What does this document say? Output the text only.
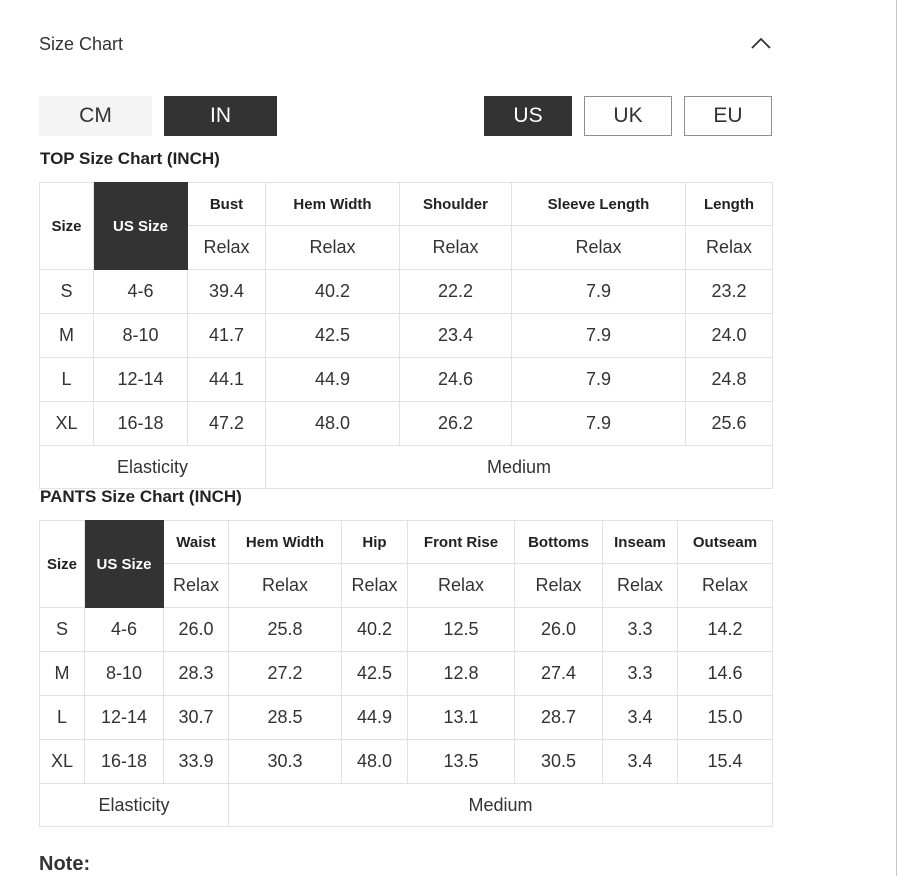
Size Chart
CM	IN	US	UK	EU
TOP Size Chart (INCH)
Size	US Size	Bust	Hem Width	Shoulder	Sleeve Length	Length
		Relax	Relax	Relax	Relax	Relax
S	4-6	39.4	40.2	22.2	7.9	23.2
M	8-10	41.7	42.5	23.4	7.9	24.0
L	12-14	44.1	44.9	24.6	7.9	24.8
XL	16-18	47.2	48.0	26.2	7.9	25.6
Elasticity			Medium			
PANTS Size Chart (INCH)
Size	US Size	Waist	Hem Width	Hip	Front Rise	Bottoms	Inseam	Outseam
		Relax	Relax	Relax	Relax	Relax	Relax	Relax
S	4-6	26.0	25.8	40.2	12.5	26.0	3.3	14.2
M	8-10	28.3	27.2	42.5	12.8	27.4	3.3	14.6
L	12-14	30.7	28.5	44.9	13.1	28.7	3.4	15.0
XL	16-18	33.9	30.3	48.0	13.5	30.5	3.4	15.4
Elasticity			Medium					
Note:
